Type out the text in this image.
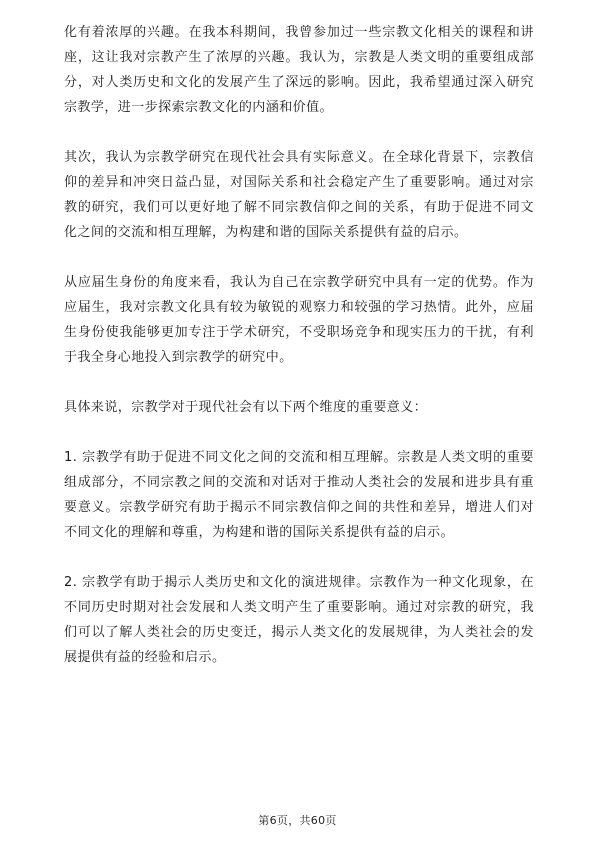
化有着浓厚的兴趣。在我本科期间，我曾参加过一些宗教文化相关的课程和讲座，这让我对宗教产生了浓厚的兴趣。我认为，宗教是人类文明的重要组成部分，对人类历史和文化的发展产生了深远的影响。因此，我希望通过深入研究宗教学，进一步探索宗教文化的内涵和价值。

其次，我认为宗教学研究在现代社会具有实际意义。在全球化背景下，宗教信仰的差异和冲突日益凸显，对国际关系和社会稳定产生了重要影响。通过对宗教的研究，我们可以更好地了解不同宗教信仰之间的关系，有助于促进不同文化之间的交流和相互理解，为构建和谐的国际关系提供有益的启示。

从应届生身份的角度来看，我认为自己在宗教学研究中具有一定的优势。作为应届生，我对宗教文化具有较为敏锐的观察力和较强的学习热情。此外，应届生身份使我能够更加专注于学术研究，不受职场竞争和现实压力的干扰，有利于我全身心地投入到宗教学的研究中。

具体来说，宗教学对于现代社会有以下两个维度的重要意义：

1. 宗教学有助于促进不同文化之间的交流和相互理解。宗教是人类文明的重要组成部分，不同宗教之间的交流和对话对于推动人类社会的发展和进步具有重要意义。宗教学研究有助于揭示不同宗教信仰之间的共性和差异，增进人们对不同文化的理解和尊重，为构建和谐的国际关系提供有益的启示。

2. 宗教学有助于揭示人类历史和文化的演进规律。宗教作为一种文化现象，在不同历史时期对社会发展和人类文明产生了重要影响。通过对宗教的研究，我们可以了解人类社会的历史变迁，揭示人类文化的发展规律，为人类社会的发展提供有益的经验和启示。

第6页，共60页
